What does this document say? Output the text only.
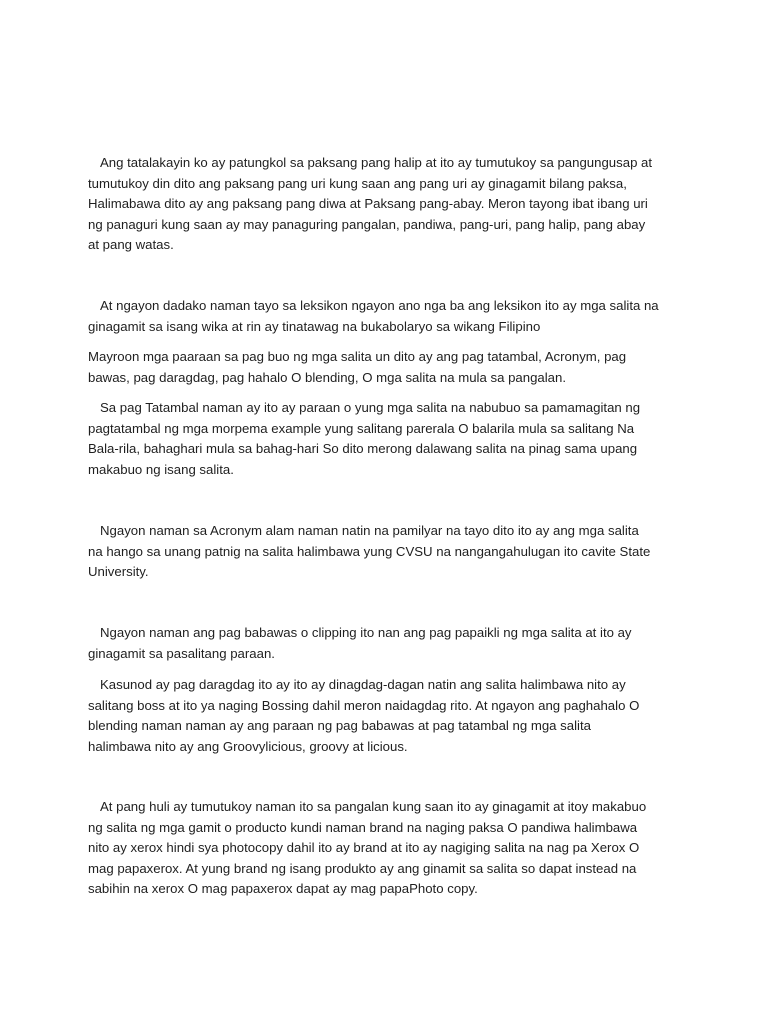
Ang tatalakayin ko ay patungkol sa paksang pang halip at ito ay tumutukoy sa pangungusap at
tumutukoy din dito ang paksang pang uri kung saan ang pang uri ay ginagamit bilang paksa,
Halimabawa dito ay ang paksang pang diwa at Paksang pang-abay. Meron tayong ibat ibang uri
ng panaguri kung saan ay may panaguring pangalan, pandiwa, pang-uri, pang halip, pang abay
at pang watas.

At ngayon dadako naman tayo sa leksikon ngayon ano nga ba ang leksikon ito ay mga salita na
ginagamit sa isang wika at rin ay tinatawag na bukabolaryo sa wikang Filipino

Mayroon mga paaraan sa pag buo ng mga salita un dito ay ang pag tatambal, Acronym, pag
bawas, pag daragdag, pag hahalo O blending, O mga salita na mula sa pangalan.

Sa pag Tatambal naman ay ito ay paraan o yung mga salita na nabubuo sa pamamagitan ng
pagtatambal ng mga morpema example yung salitang parerala O balarila mula sa salitang Na
Bala-rila, bahaghari mula sa bahag-hari So dito merong dalawang salita na pinag sama upang
makabuo ng isang salita.

Ngayon naman sa Acronym alam naman natin na pamilyar na tayo dito ito ay ang mga salita
na hango sa unang patnig na salita halimbawa yung CVSU na nangangahulugan ito cavite State
University.

Ngayon naman ang pag babawas o clipping ito nan ang pag papaikli ng mga salita at ito ay
ginagamit sa pasalitang paraan.

Kasunod ay pag daragdag ito ay ito ay dinagdag-dagan natin ang salita halimbawa nito ay
salitang boss at ito ya naging Bossing dahil meron naidagdag rito. At ngayon ang paghahalo O
blending naman naman ay ang paraan ng pag babawas at pag tatambal ng mga salita
halimbawa nito ay ang Groovylicious, groovy at licious.

At pang huli ay tumutukoy naman ito sa pangalan kung saan ito ay ginagamit at itoy makabuo
ng salita ng mga gamit o producto kundi naman brand na naging paksa O pandiwa halimbawa
nito ay xerox hindi sya photocopy dahil ito ay brand at ito ay nagiging salita na nag pa Xerox O
mag papaxerox. At yung brand ng isang produkto ay ang ginamit sa salita so dapat instead na
sabihin na xerox O mag papaxerox dapat ay mag papaPhoto copy.
